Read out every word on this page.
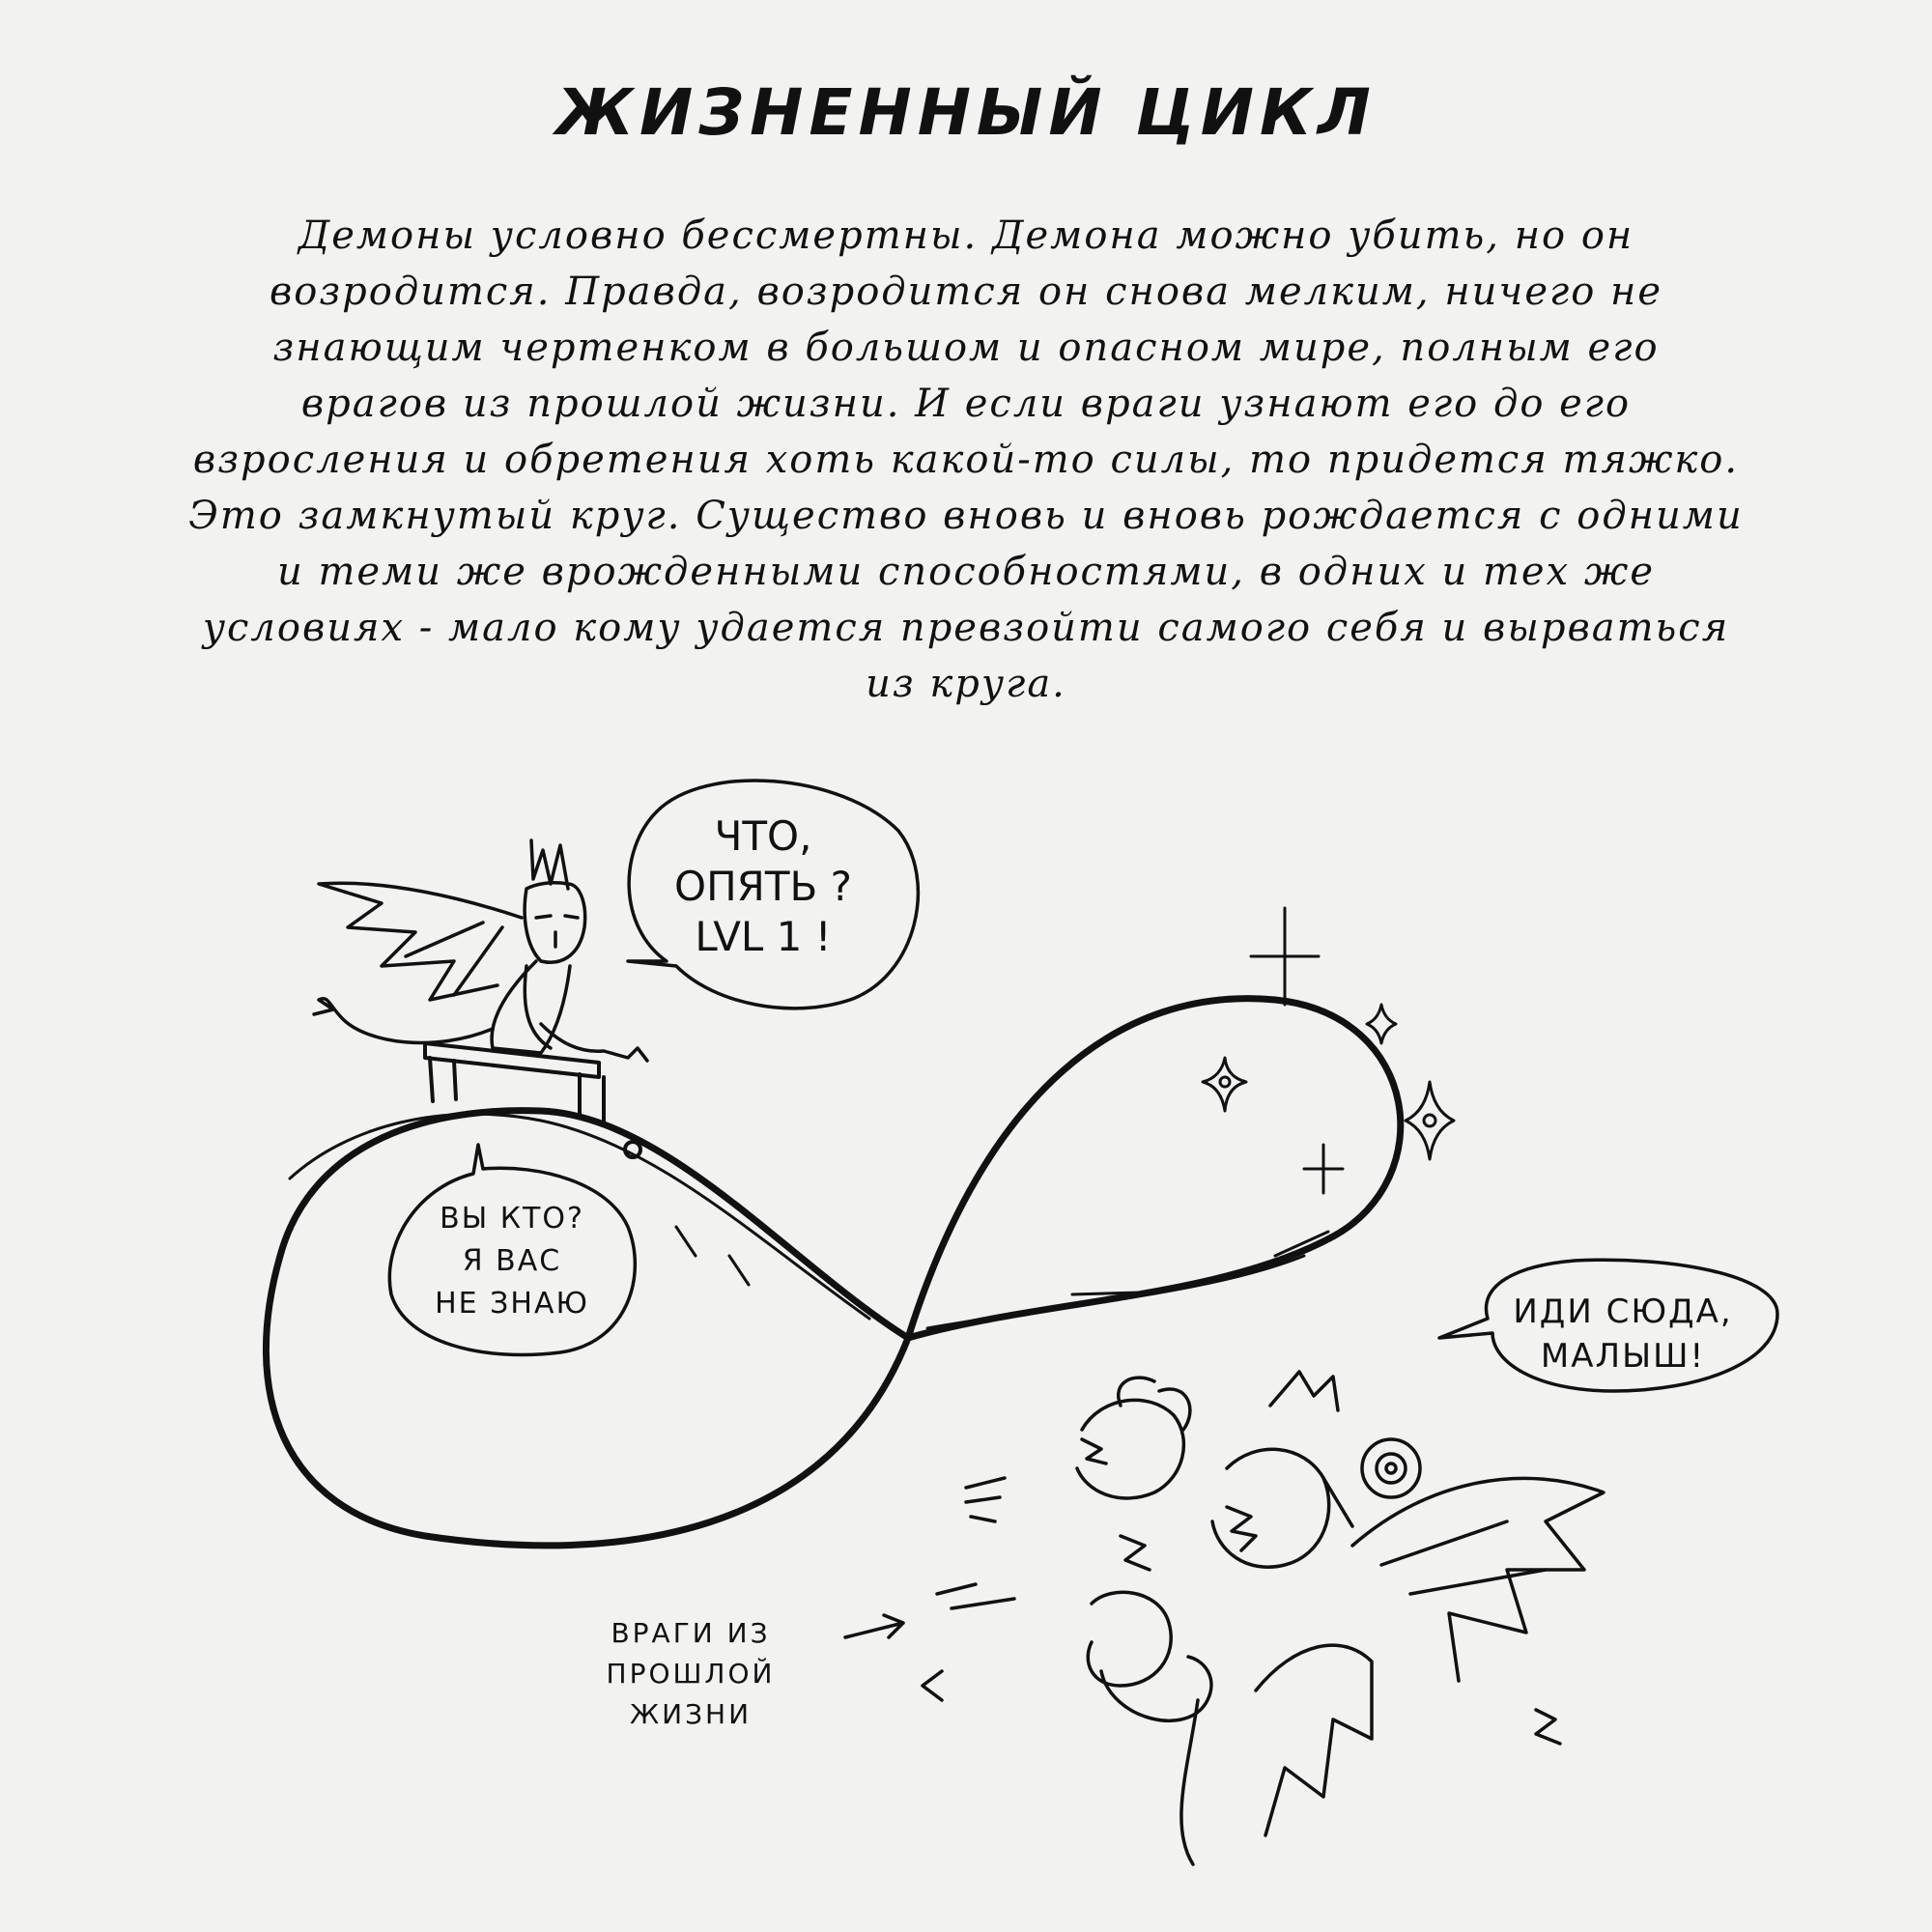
ЖИЗНЕННЫЙ ЦИКЛ
Демоны условно бессмертны. Демона можно убить, но он
возродится. Правда, возродится он снова мелким, ничего не
знающим чертенком в большом и опасном мире, полным его
врагов из прошлой жизни. И если враги узнают его до его
взросления и обретения хоть какой-то силы, то придется тяжко.
Это замкнутый круг. Существо вновь и вновь рождается с одними
и теми же врожденными способностями, в одних и тех же
условиях - мало кому удается превзойти самого себя и вырваться
из круга.
ЧТО,
ОПЯТЬ ?
LVL 1 !
ВЫ КТО?
Я ВАС
НЕ ЗНАЮ	ИДИ СЮДА,
МАЛЫШ!
ВРАГИ ИЗ
ПРОШЛОЙ
ЖИЗНИ
